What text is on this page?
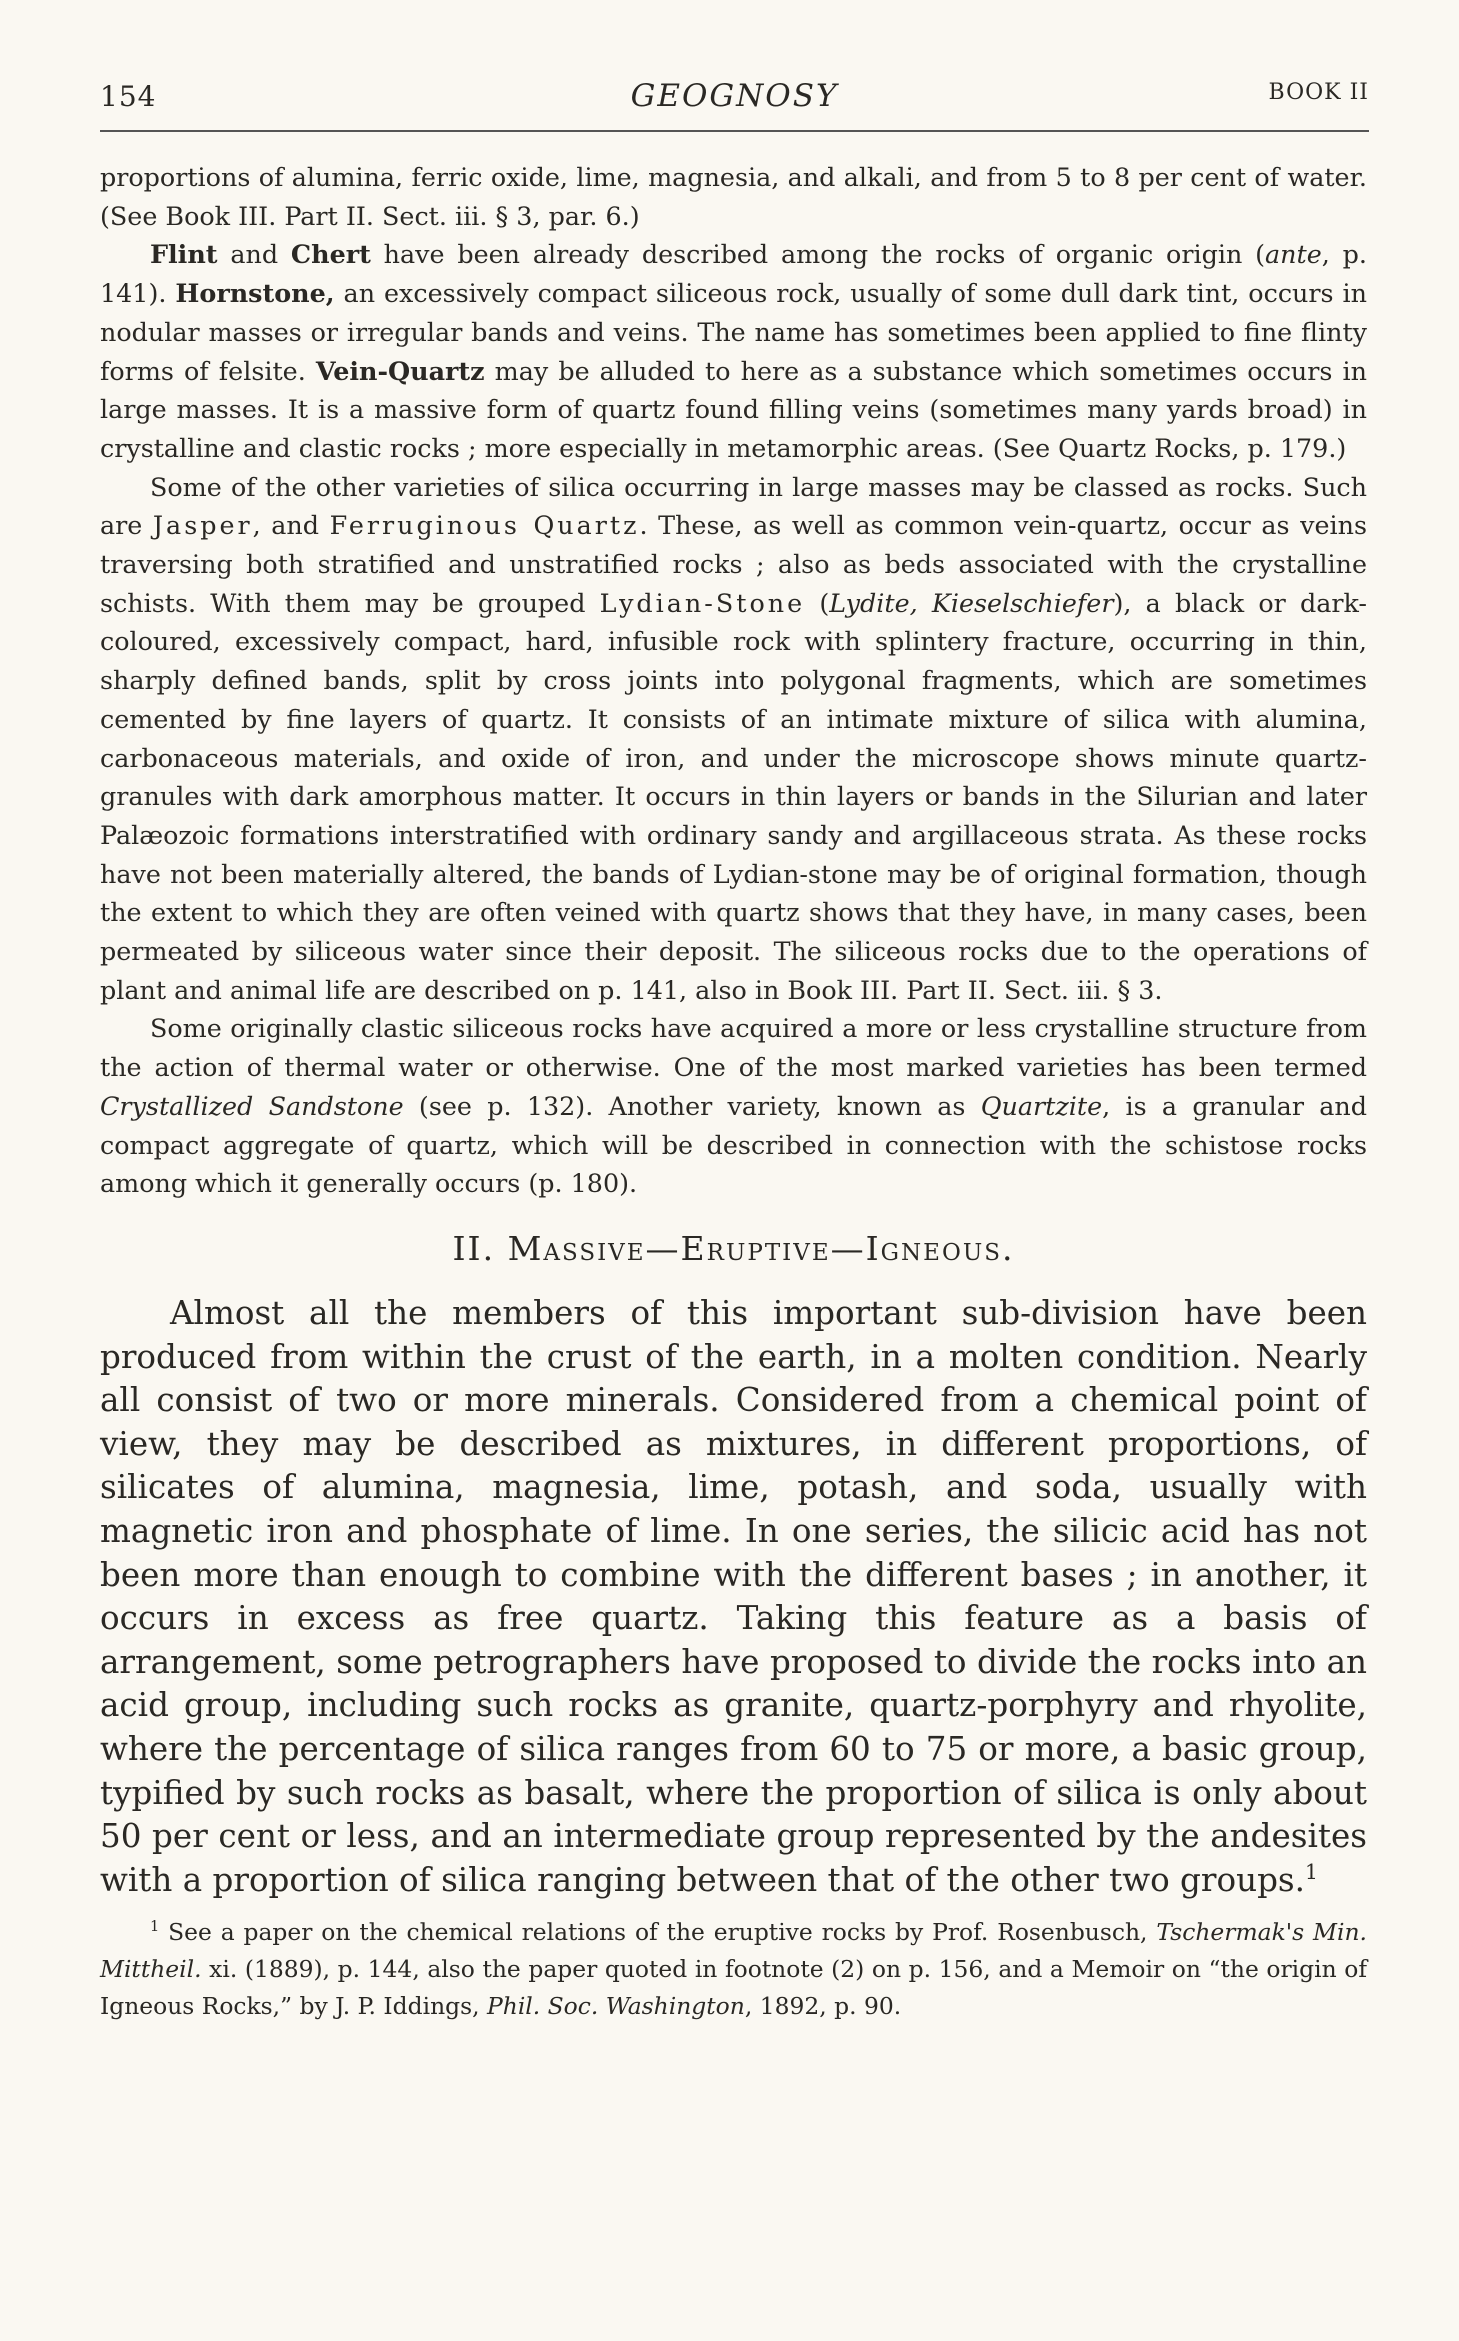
154	GEOGNOSY	BOOK II

proportions of alumina, ferric oxide, lime, magnesia, and alkali, and from 5 to 8 per cent of water. (See Book III. Part II. Sect. iii. § 3, par. 6.)

Flint and Chert have been already described among the rocks of organic origin (ante, p. 141). Hornstone, an excessively compact siliceous rock, usually of some dull dark tint, occurs in nodular masses or irregular bands and veins. The name has sometimes been applied to fine flinty forms of felsite. Vein-Quartz may be alluded to here as a substance which sometimes occurs in large masses. It is a massive form of quartz found filling veins (sometimes many yards broad) in crystalline and clastic rocks ; more especially in metamorphic areas. (See Quartz Rocks, p. 179.)

Some of the other varieties of silica occurring in large masses may be classed as rocks. Such are Jasper, and Ferruginous Quartz. These, as well as common vein-quartz, occur as veins traversing both stratified and unstratified rocks ; also as beds associated with the crystalline schists. With them may be grouped Lydian-Stone (Lydite, Kieselschiefer), a black or dark-coloured, excessively compact, hard, infusible rock with splintery fracture, occurring in thin, sharply defined bands, split by cross joints into polygonal fragments, which are sometimes cemented by fine layers of quartz. It consists of an intimate mixture of silica with alumina, carbonaceous materials, and oxide of iron, and under the microscope shows minute quartz-granules with dark amorphous matter. It occurs in thin layers or bands in the Silurian and later Palæozoic formations interstratified with ordinary sandy and argillaceous strata. As these rocks have not been materially altered, the bands of Lydian-stone may be of original formation, though the extent to which they are often veined with quartz shows that they have, in many cases, been permeated by siliceous water since their deposit. The siliceous rocks due to the operations of plant and animal life are described on p. 141, also in Book III. Part II. Sect. iii. § 3.

Some originally clastic siliceous rocks have acquired a more or less crystalline structure from the action of thermal water or otherwise. One of the most marked varieties has been termed Crystallized Sandstone (see p. 132). Another variety, known as Quartzite, is a granular and compact aggregate of quartz, which will be described in connection with the schistose rocks among which it generally occurs (p. 180).

II. Massive—Eruptive—Igneous.

Almost all the members of this important sub-division have been produced from within the crust of the earth, in a molten condition. Nearly all consist of two or more minerals. Considered from a chemical point of view, they may be described as mixtures, in different proportions, of silicates of alumina, magnesia, lime, potash, and soda, usually with magnetic iron and phosphate of lime. In one series, the silicic acid has not been more than enough to combine with the different bases ; in another, it occurs in excess as free quartz. Taking this feature as a basis of arrangement, some petrographers have proposed to divide the rocks into an acid group, including such rocks as granite, quartz-porphyry and rhyolite, where the percentage of silica ranges from 60 to 75 or more, a basic group, typified by such rocks as basalt, where the proportion of silica is only about 50 per cent or less, and an intermediate group represented by the andesites with a proportion of silica ranging between that of the other two groups.$^1$

$^1$ See a paper on the chemical relations of the eruptive rocks by Prof. Rosenbusch, Tschermak's Min. Mittheil. xi. (1889), p. 144, also the paper quoted in footnote (2) on p. 156, and a Memoir on “the origin of Igneous Rocks,” by J. P. Iddings, Phil. Soc. Washington, 1892, p. 90.
